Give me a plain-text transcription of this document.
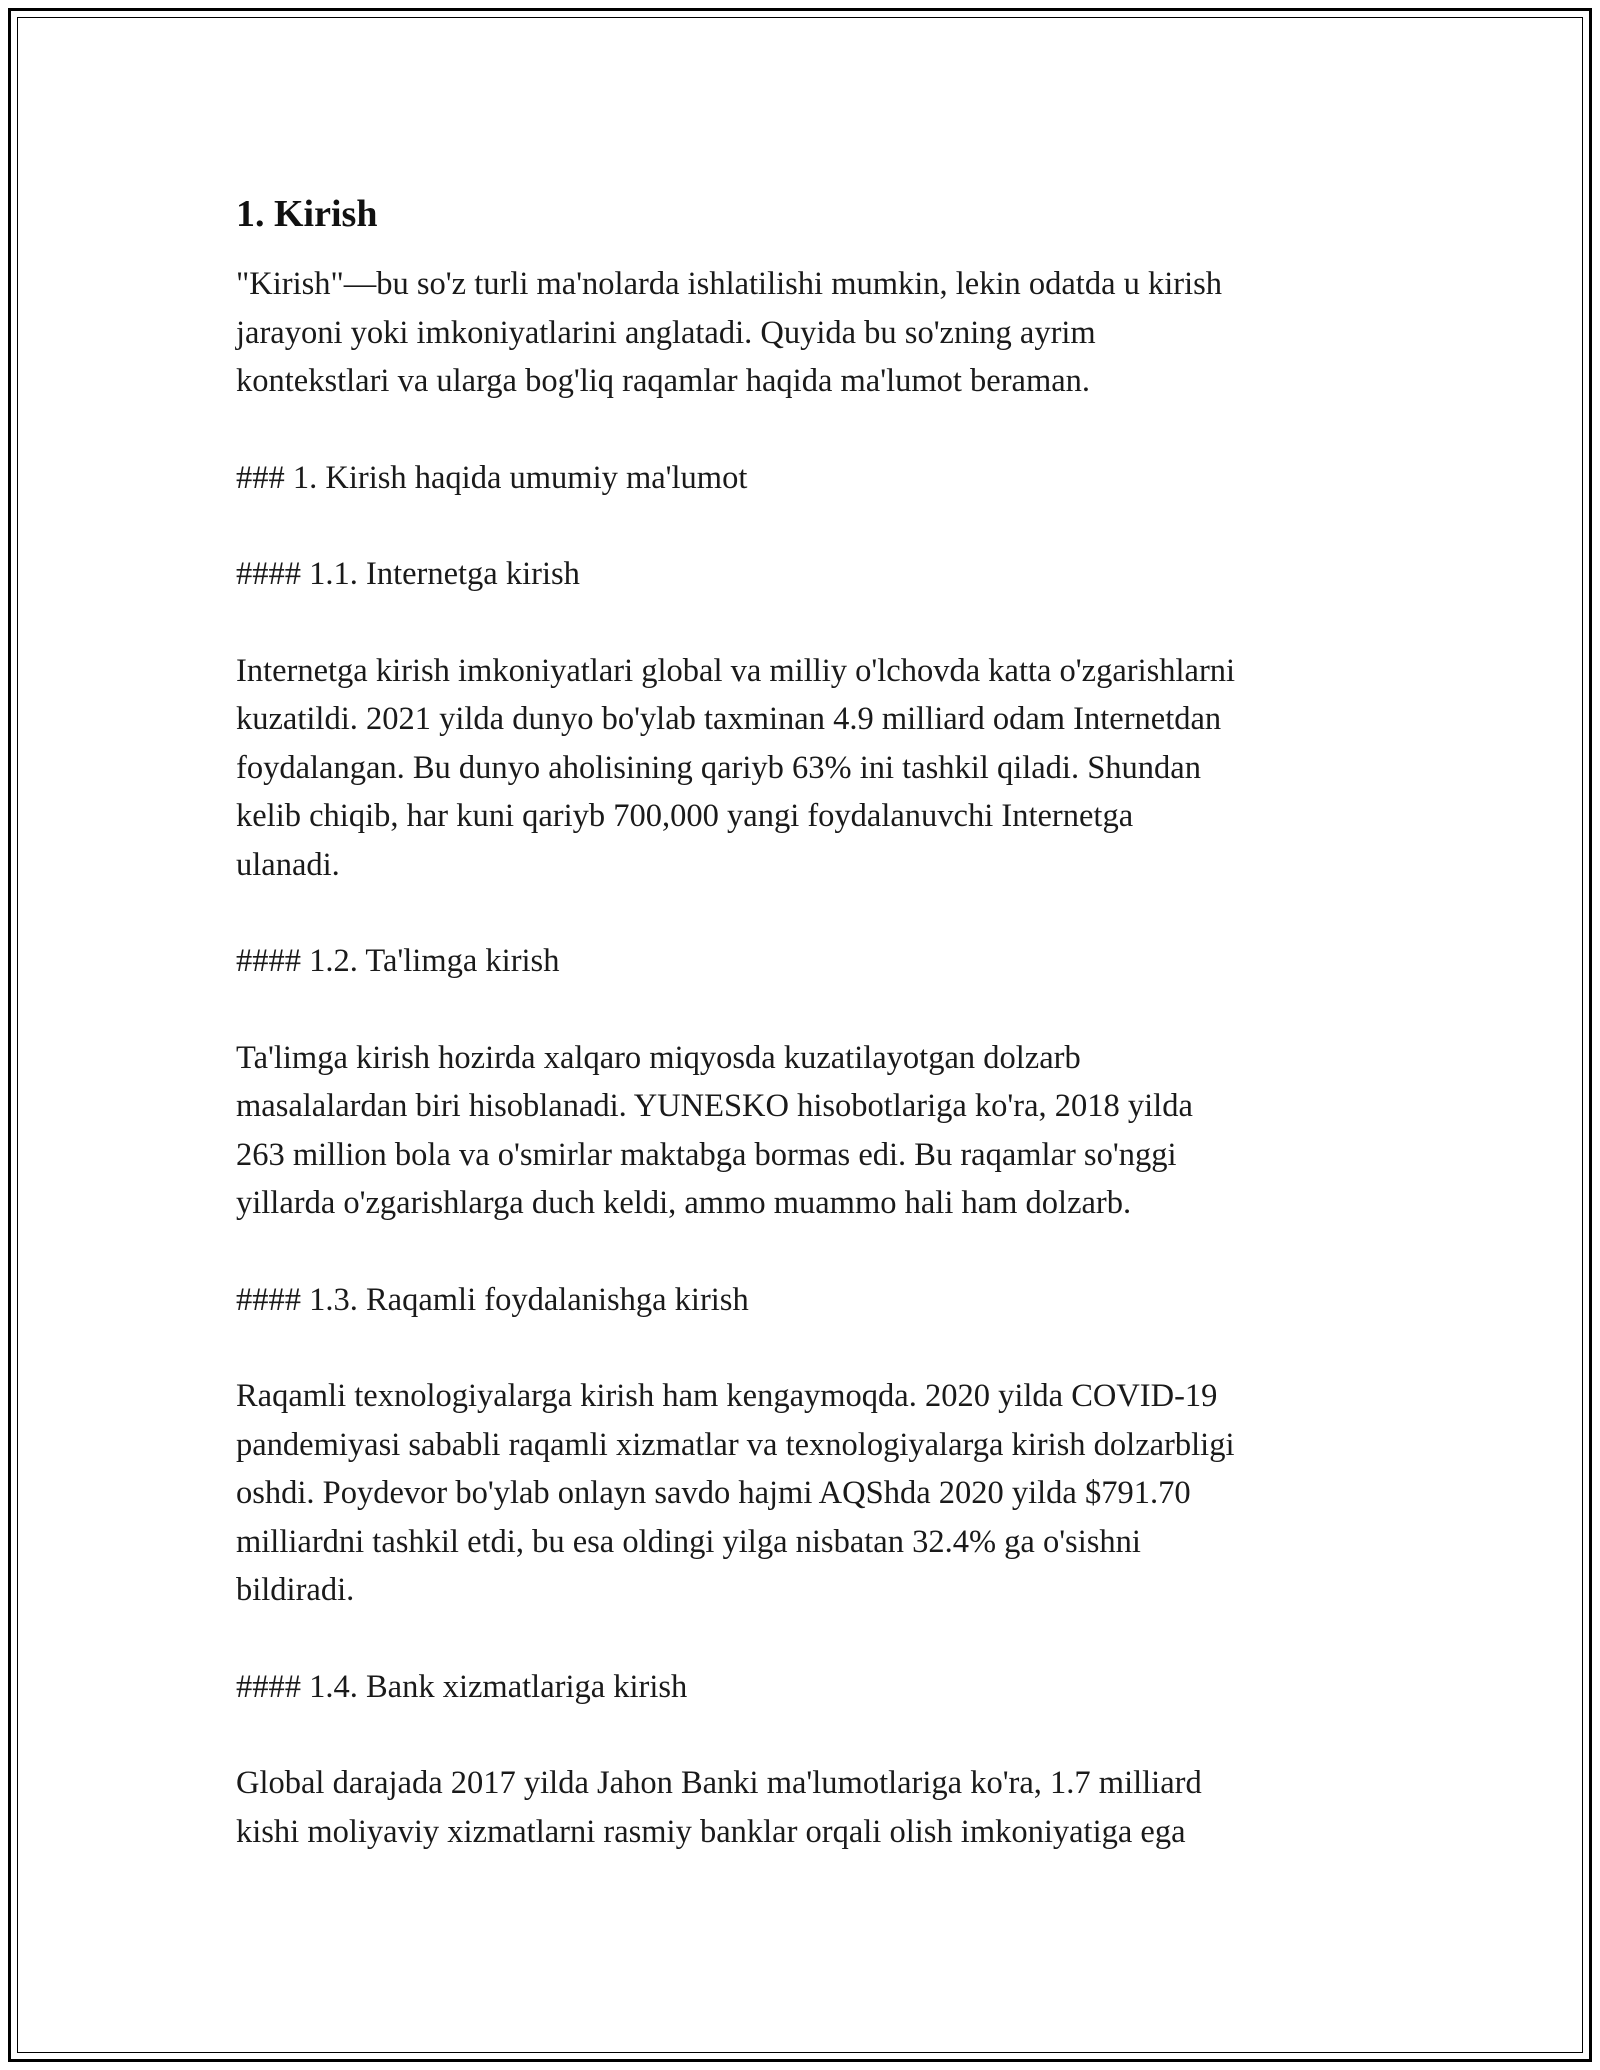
1. Kirish

"Kirish"—bu so'z turli ma'nolarda ishlatilishi mumkin, lekin odatda u kirish
jarayoni yoki imkoniyatlarini anglatadi. Quyida bu so'zning ayrim
kontekstlari va ularga bog'liq raqamlar haqida ma'lumot beraman.

### 1. Kirish haqida umumiy ma'lumot

#### 1.1. Internetga kirish

Internetga kirish imkoniyatlari global va milliy o'lchovda katta o'zgarishlarni
kuzatildi. 2021 yilda dunyo bo'ylab taxminan 4.9 milliard odam Internetdan
foydalangan. Bu dunyo aholisining qariyb 63% ini tashkil qiladi. Shundan
kelib chiqib, har kuni qariyb 700,000 yangi foydalanuvchi Internetga
ulanadi.

#### 1.2. Ta'limga kirish

Ta'limga kirish hozirda xalqaro miqyosda kuzatilayotgan dolzarb
masalalardan biri hisoblanadi. YUNESKO hisobotlariga ko'ra, 2018 yilda
263 million bola va o'smirlar maktabga bormas edi. Bu raqamlar so'nggi
yillarda o'zgarishlarga duch keldi, ammo muammo hali ham dolzarb.

#### 1.3. Raqamli foydalanishga kirish

Raqamli texnologiyalarga kirish ham kengaymoqda. 2020 yilda COVID-19
pandemiyasi sababli raqamli xizmatlar va texnologiyalarga kirish dolzarbligi
oshdi. Poydevor bo'ylab onlayn savdo hajmi AQShda 2020 yilda $791.70
milliardni tashkil etdi, bu esa oldingi yilga nisbatan 32.4% ga o'sishni
bildiradi.

#### 1.4. Bank xizmatlariga kirish

Global darajada 2017 yilda Jahon Banki ma'lumotlariga ko'ra, 1.7 milliard
kishi moliyaviy xizmatlarni rasmiy banklar orqali olish imkoniyatiga ega
